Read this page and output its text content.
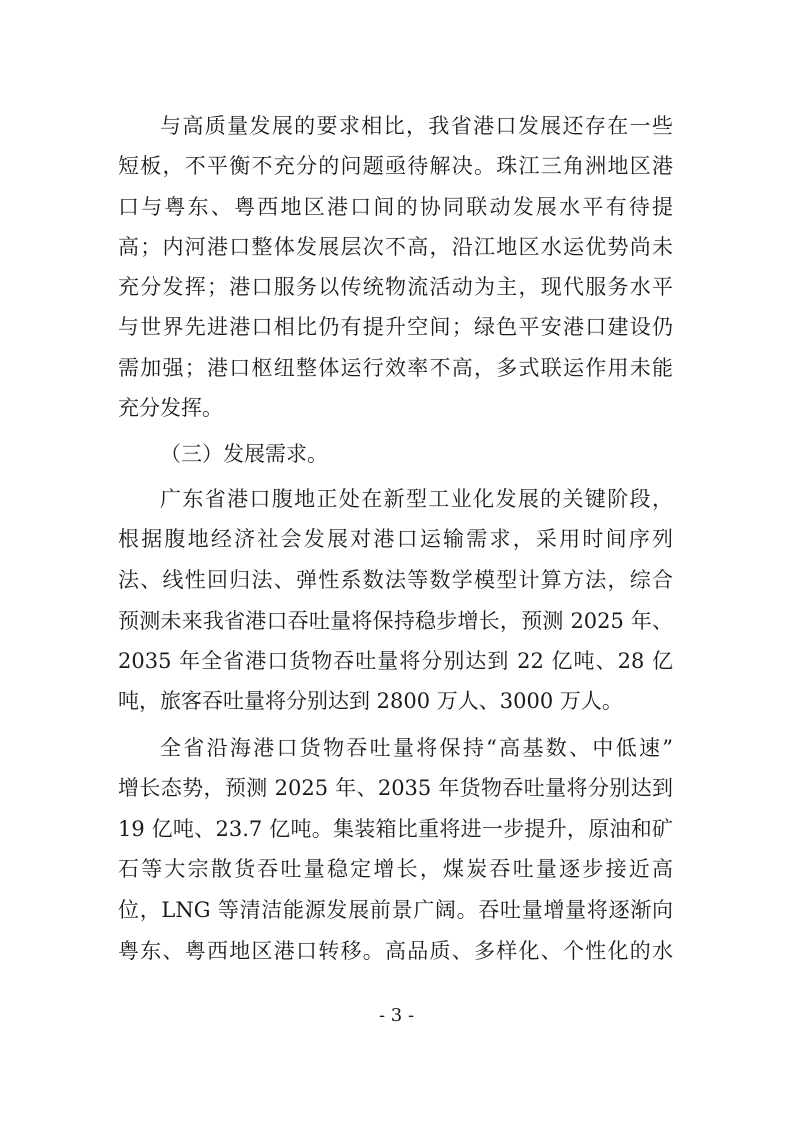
与高质量发展的要求相比，我省港口发展还存在一些
短板，不平衡不充分的问题亟待解决。珠江三角洲地区港
口与粤东、粤西地区港口间的协同联动发展水平有待提
高；内河港口整体发展层次不高，沿江地区水运优势尚未
充分发挥；港口服务以传统物流活动为主，现代服务水平
与世界先进港口相比仍有提升空间；绿色平安港口建设仍
需加强；港口枢纽整体运行效率不高，多式联运作用未能
充分发挥。
（三）发展需求。
广东省港口腹地正处在新型工业化发展的关键阶段，
根据腹地经济社会发展对港口运输需求，采用时间序列
法、线性回归法、弹性系数法等数学模型计算方法，综合
预测未来我省港口吞吐量将保持稳步增长，预测 2025 年、
2035 年全省港口货物吞吐量将分别达到 22 亿吨、28 亿
吨，旅客吞吐量将分别达到 2800 万人、3000 万人。
全省沿海港口货物吞吐量将保持“高基数、中低速”
增长态势，预测 2025 年、2035 年货物吞吐量将分别达到
19 亿吨、23.7 亿吨。集装箱比重将进一步提升，原油和矿
石等大宗散货吞吐量稳定增长，煤炭吞吐量逐步接近高
位，LNG 等清洁能源发展前景广阔。吞吐量增量将逐渐向
粤东、粤西地区港口转移。高品质、多样化、个性化的水
- 3 -
